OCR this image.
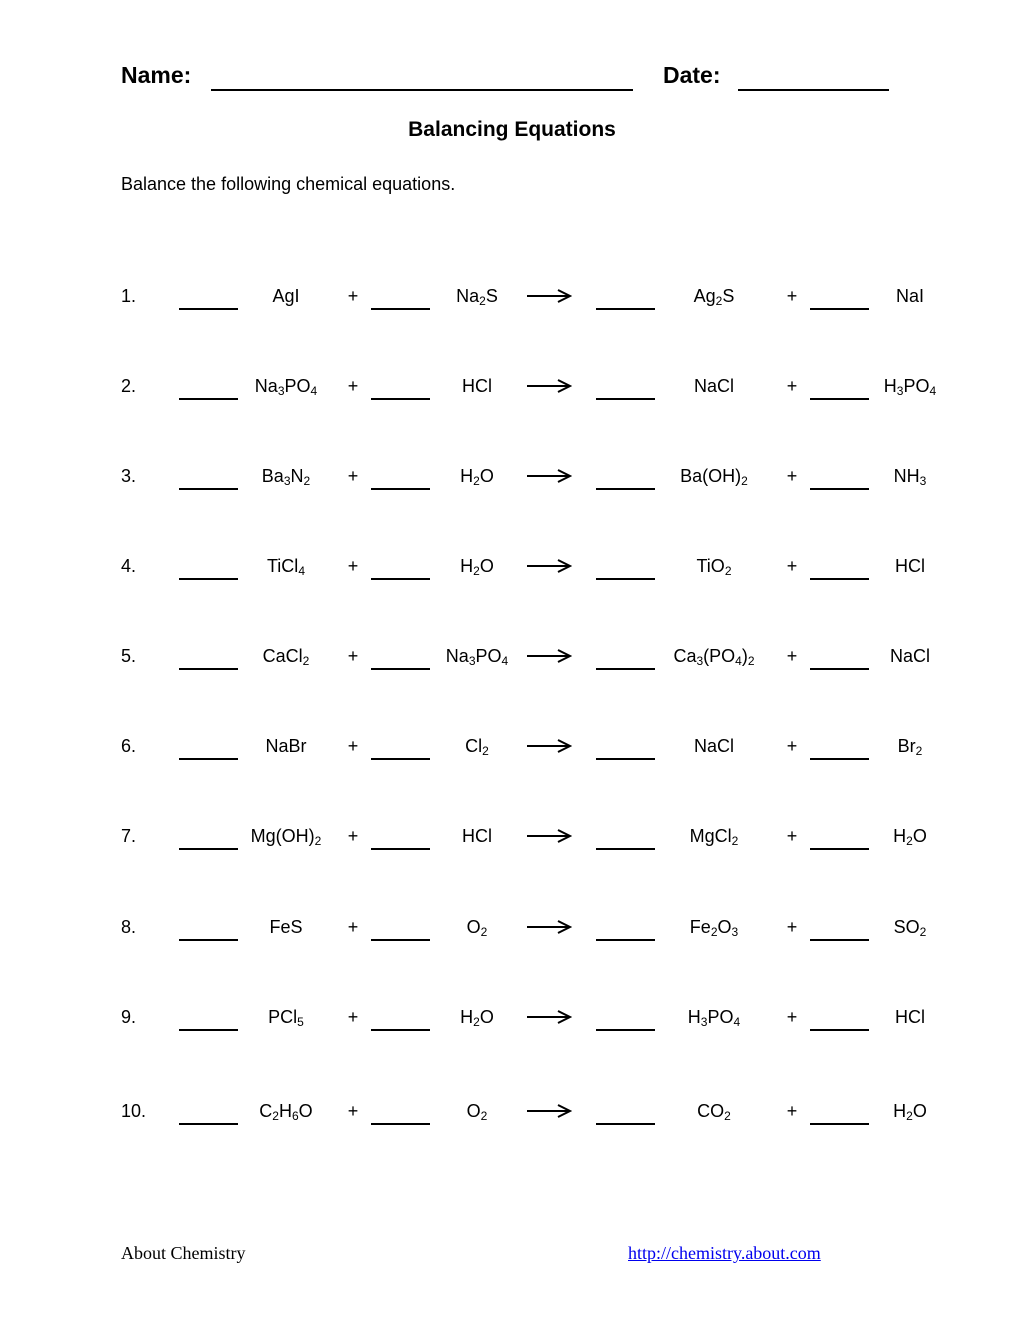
Name:	Date:
Balancing Equations
Balance the following chemical equations.
1.	AgI	+	$Na_2S$	$Ag_2S$	+	NaI
2.	$Na_3PO_4$	+	HCl	NaCl	+	$H_3PO_4$
3.	$Ba_3N_2$	+	$H_2O$	$Ba(OH)_2$	+	$NH_3$
4.	TiCl$_4$	+	$H_2O$	TiO$_2$	+	HCl
5.	CaCl$_2$	+	$Na_3PO_4$	→	$Ca_3(PO_4)_2$	+	NaCl
6.	NaBr	+	$Cl_2$	NaCl	+	$Br_2$
7.	$Mg(OH)_2$	+	HCl	MgCl$_2$	+	$H_2O$
8.	FeS	+	$O_2$	$Fe_2O_3$	+	$SO_2$
9.	PCl$_5$	+	$H_2O$	$H_3PO_4$	+	HCl
10.	$C_2H_6O$	+	$O_2$	$CO_2$	+	$H_2O$
About Chemistry	http://chemistry.about.com
